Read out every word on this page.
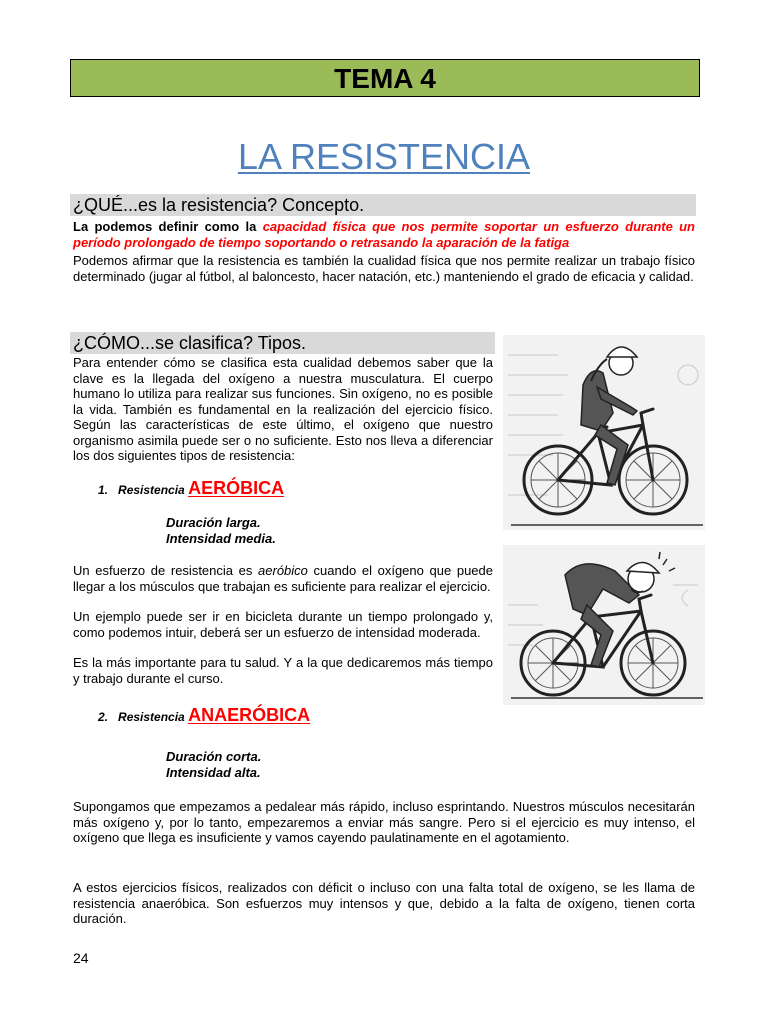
TEMA 4
LA RESISTENCIA
¿QUÉ...es la resistencia? Concepto.

La podemos definir como la capacidad física que nos permite soportar un esfuerzo durante un período prolongado de tiempo soportando o retrasando la aparación de la fatiga

Podemos afirmar que la resistencia es también la cualidad física que nos permite realizar un trabajo físico determinado (jugar al fútbol, al baloncesto, hacer natación, etc.) manteniendo el grado de eficacia y calidad.

¿CÓMO...se clasifica? Tipos.

Para entender cómo se clasifica esta cualidad debemos saber que la clave es la llegada del oxígeno a nuestra musculatura. El cuerpo humano lo utiliza para realizar sus funciones. Sin oxígeno, no es posible la vida. También es fundamental en la realización del ejercicio físico. Según las características de este último, el oxígeno que nuestro organismo asimila puede ser o no suficiente. Esto nos lleva a diferenciar los dos siguientes tipos de resistencia:

1. Resistencia AERÓBICA
Duración larga.
Intensidad media.

Un esfuerzo de resistencia es aeróbico cuando el oxígeno que puede llegar a los músculos que trabajan es suficiente para realizar el ejercicio.

Un ejemplo puede ser ir en bicicleta durante un tiempo prolongado y, como podemos intuir, deberá ser un esfuerzo de intensidad moderada.

Es la más importante para tu salud. Y a la que dedicaremos más tiempo y trabajo durante el curso.

2. Resistencia ANAERÓBICA
Duración corta.
Intensidad alta.

Supongamos que empezamos a pedalear más rápido, incluso esprintando. Nuestros músculos necesitarán más oxígeno y, por lo tanto, empezaremos a enviar más sangre. Pero si el ejercicio es muy intenso, el oxígeno que llega es insuficiente y vamos cayendo paulatinamente en el agotamiento.

A estos ejercicios físicos, realizados con déficit o incluso con una falta total de oxígeno, se les llama de resistencia anaeróbica. Son esfuerzos muy intensos y que, debido a la falta de oxígeno, tienen corta duración.

24
